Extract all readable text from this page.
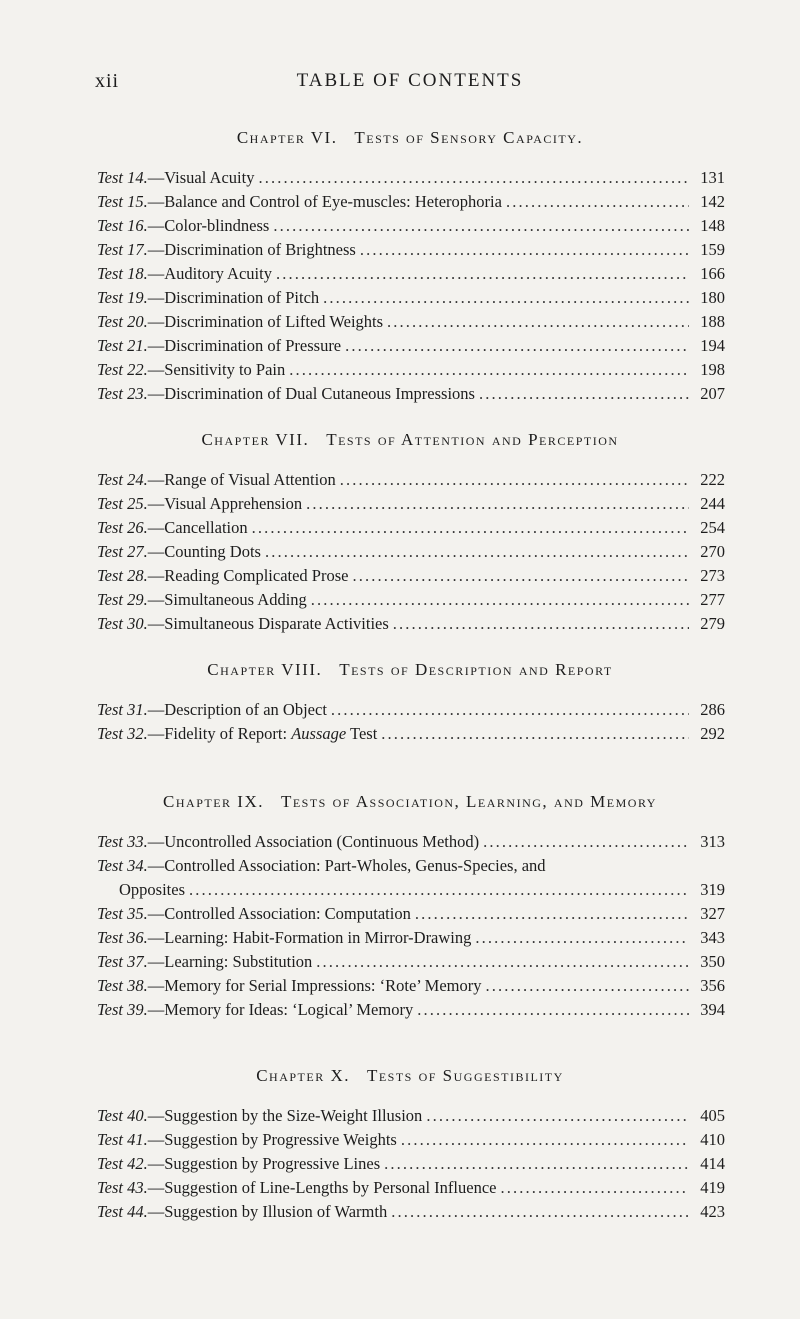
xii	TABLE OF CONTENTS
Chapter VI. Tests of Sensory Capacity.
Test 14. —Visual Acuity . . .	131
Test 15. —Balance and Control of Eye-muscles: Heterophoria . . .	142
Test 16. —Color-blindness . . .	148
Test 17. —Discrimination of Brightness . . .	159
Test 18. —Auditory Acuity . . .	166
Test 19. —Discrimination of Pitch . . .	180
Test 20. —Discrimination of Lifted Weights . . .	188
Test 21. —Discrimination of Pressure . . .	194
Test 22. —Sensitivity to Pain . . .	198
Test 23. —Discrimination of Dual Cutaneous Impressions . . .	207
Chapter VII. Tests of Attention and Perception
Test 24. —Range of Visual Attention . . .	222
Test 25. —Visual Apprehension . . .	244
Test 26. —Cancellation . . .	254
Test 27. —Counting Dots . . .	270
Test 28. —Reading Complicated Prose . . .	273
Test 29. —Simultaneous Adding . . .	277
Test 30. —Simultaneous Disparate Activities . . .	279
Chapter VIII. Tests of Description and Report
Test 31. —Description of an Object . . .	286
Test 32. —Fidelity of Report: Aussage Test . . .	292
Chapter IX. Tests of Association, Learning, and Memory
Test 33. —Uncontrolled Association (Continuous Method) . . .	313
Test 34. —Controlled Association: Part-Wholes, Genus-Species, and
Opposites . . .	319
Test 35. —Controlled Association: Computation . . .	327
Test 36. —Learning: Habit-Formation in Mirror-Drawing . . .	343
Test 37. —Learning: Substitution . . .	350
Test 38. —Memory for Serial Impressions: ‘Rote’ Memory . . .	356
Test 39. —Memory for Ideas: ‘Logical’ Memory . . .	394
Chapter X. Tests of Suggestibility
Test 40. —Suggestion by the Size-Weight Illusion . . .	405
Test 41. —Suggestion by Progressive Weights . . .	410
Test 42. —Suggestion by Progressive Lines . . .	414
Test 43. —Suggestion of Line-Lengths by Personal Influence . . .	419
Test 44. —Suggestion by Illusion of Warmth . . .	423
